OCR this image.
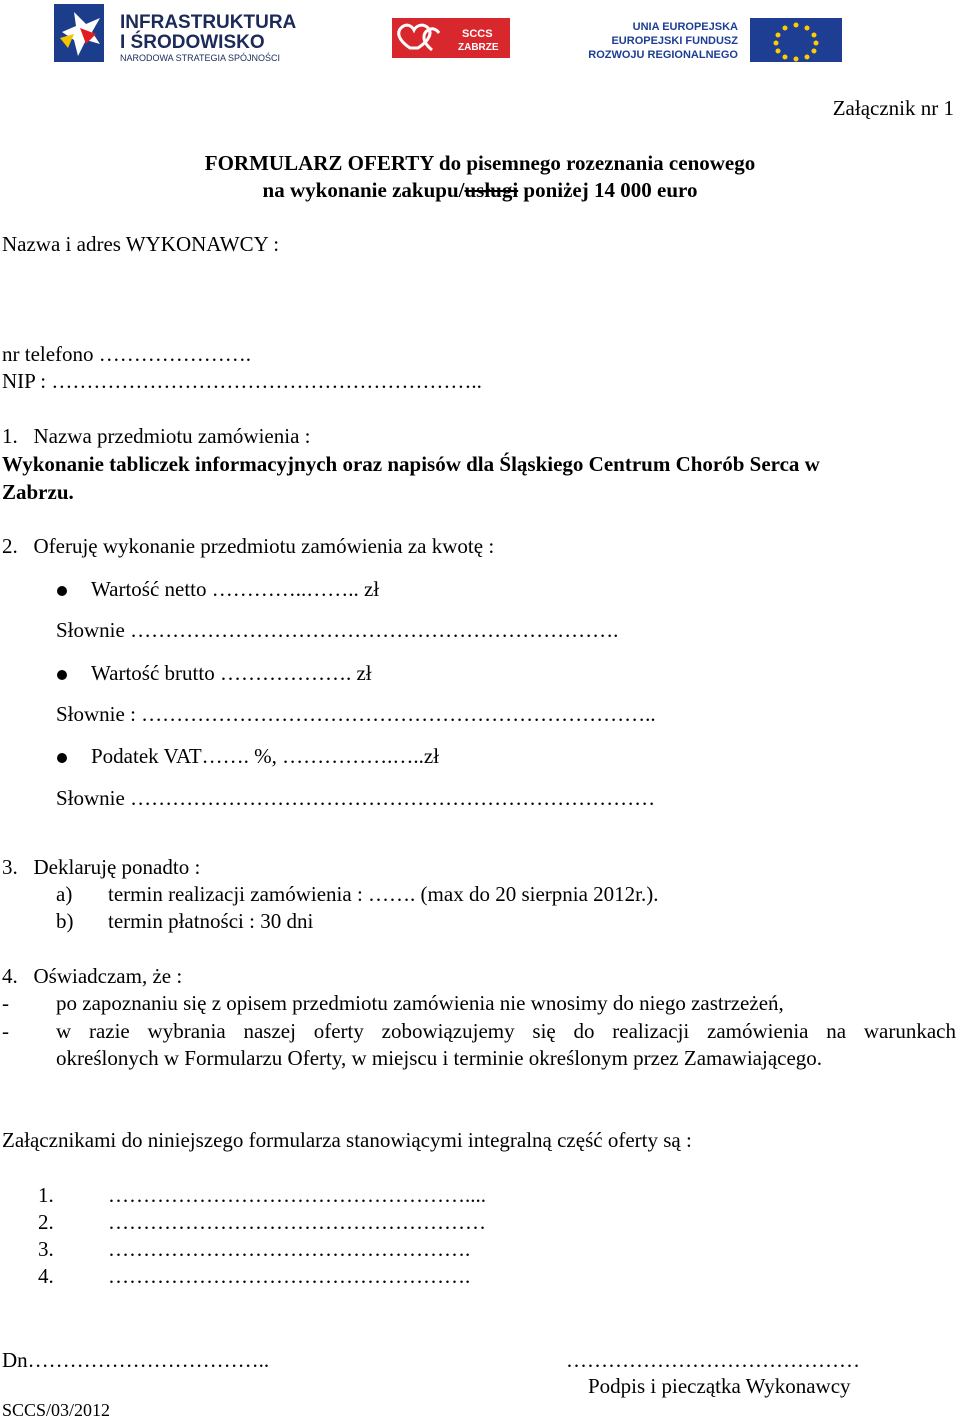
INFRASTRUKTURA
I ŚRODOWISKO
NARODOWA STRATEGIA SPÓJNOŚCI
SCCS
ZABRZE
UNIA EUROPEJSKA
EUROPEJSKI FUNDUSZ
ROZWOJU REGIONALNEGO
Załącznik nr 1
FORMULARZ OFERTY do pisemnego rozeznania cenowego
na wykonanie zakupu/usługi poniżej 14 000 euro
Nazwa i adres WYKONAWCY :
nr telefono ………………….
NIP : ……………………………………………………..
1.   Nazwa przedmiotu zamówienia :
Wykonanie tabliczek informacyjnych oraz napisów dla Śląskiego Centrum Chorób Serca w
Zabrzu.
2.   Oferuję wykonanie przedmiotu zamówienia za kwotę :
Wartość netto …………..…….. zł
Słownie …………………………………………………………….
Wartość brutto ………………. zł
Słownie : ………………………………………………………………..
Podatek VAT……. %, …………….…..zł
Słownie …………………………………………………………………
3.   Deklaruję ponadto :
a) termin realizacji zamówienia : ……. (max do 20 sierpnia 2012r.).
b) termin płatności : 30 dni
4.   Oświadczam, że :
- po zapoznaniu się z opisem przedmiotu zamówienia nie wnosimy do niego zastrzeżeń,
- w razie wybrania naszej oferty zobowiązujemy się do realizacji zamówienia na warunkach
określonych w Formularzu Oferty, w miejscu i terminie określonym przez Zamawiającego.
Załącznikami do niniejszego formularza stanowiącymi integralną część oferty są :
1.	……………………………………………....
2.	………………………………………………
3.	…………………………………………….
4.	…………………………………………….
Dn……………………………..	……………………………………
Podpis i pieczątka Wykonawcy
SCCS/03/2012
